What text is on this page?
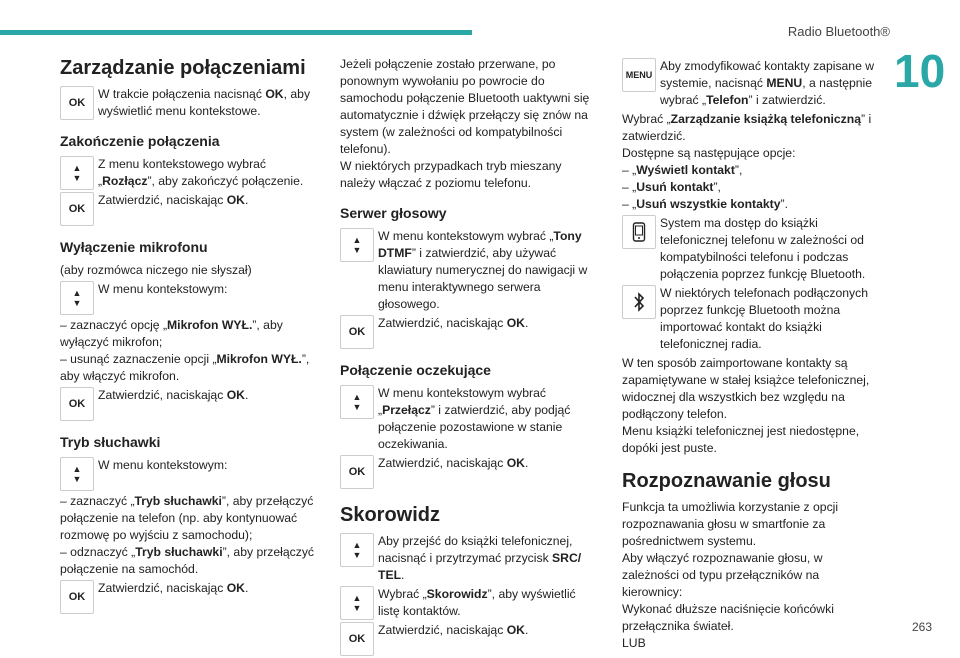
Radio Bluetooth®
10
263
Zarządzanie połączeniami
OK

W trakcie połączenia nacisnąć OK, aby wyświetlić menu kontekstowe.

Zakończenie połączenia
▲
▼

Z menu kontekstowego wybrać „Rozłącz”, aby zakończyć połączenie.

OK

Zatwierdzić, naciskając OK.

Wyłączenie mikrofonu

(aby rozmówca niczego nie słyszał)

▲
▼

W menu kontekstowym:

– zaznaczyć opcję „Mikrofon WYŁ.”, aby wyłączyć mikrofon;

– usunąć zaznaczenie opcji „Mikrofon WYŁ.”, aby włączyć mikrofon.

OK

Zatwierdzić, naciskając OK.

Tryb słuchawki
▲
▼

W menu kontekstowym:

– zaznaczyć „Tryb słuchawki”, aby przełączyć połączenie na telefon (np. aby kontynuować rozmowę po wyjściu z samochodu);

– odznaczyć „Tryb słuchawki”, aby przełączyć połączenie na samochód.

OK

Zatwierdzić, naciskając OK.

Jeżeli połączenie zostało przerwane, po ponownym wywołaniu po powrocie do samochodu połączenie Bluetooth uaktywni się automatycznie i dźwięk przełączy się znów na system (w zależności od kompatybilności telefonu).

W niektórych przypadkach tryb mieszany należy włączać z poziomu telefonu.

Serwer głosowy
▲
▼

W menu kontekstowym wybrać „Tony DTMF” i zatwierdzić, aby używać klawiatury numerycznej do nawigacji w menu interaktywnego serwera głosowego.

OK

Zatwierdzić, naciskając OK.

Połączenie oczekujące
▲
▼

W menu kontekstowym wybrać „Przełącz” i zatwierdzić, aby podjąć połączenie pozostawione w stanie oczekiwania.

OK

Zatwierdzić, naciskając OK.

Skorowidz
▲
▼

Aby przejść do książki telefonicznej, nacisnąć i przytrzymać przycisk SRC/ TEL.

▲
▼

Wybrać „Skorowidz”, aby wyświetlić listę kontaktów.

OK

Zatwierdzić, naciskając OK.

MENU

Aby zmodyfikować kontakty zapisane w systemie, nacisnąć MENU, a następnie wybrać „Telefon” i zatwierdzić.

Wybrać „Zarządzanie książką telefoniczną” i zatwierdzić.

Dostępne są następujące opcje:

– „Wyświetl kontakt”,

– „Usuń kontakt”,

– „Usuń wszystkie kontakty”.

System ma dostęp do książki telefonicznej telefonu w zależności od kompatybilności telefonu i podczas połączenia poprzez funkcję Bluetooth.

W niektórych telefonach podłączonych poprzez funkcję Bluetooth można importować kontakt do książki telefonicznej radia.

W ten sposób zaimportowane kontakty są zapamiętywane w stałej książce telefonicznej, widocznej dla wszystkich bez względu na podłączony telefon.

Menu książki telefonicznej jest niedostępne, dopóki jest puste.

Rozpoznawanie głosu

Funkcja ta umożliwia korzystanie z opcji rozpoznawania głosu w smartfonie za pośrednictwem systemu.

Aby włączyć rozpoznawanie głosu, w zależności od typu przełączników na kierownicy:

Wykonać dłuższe naciśnięcie końcówki przełącznika świateł.

LUB
